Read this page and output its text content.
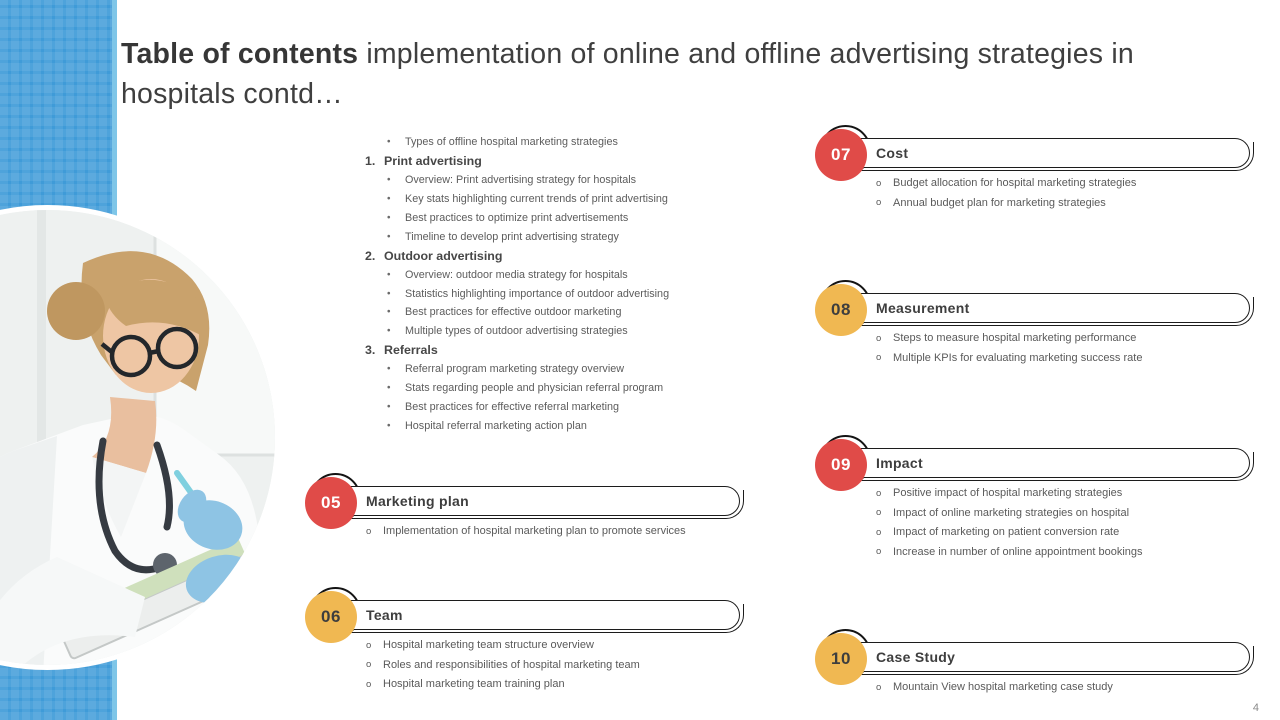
Table of contents implementation of online and offline advertising strategies in hospitals contd…
• Types of offline hospital marketing strategies
1. Print advertising
• Overview: Print advertising strategy for hospitals
• Key stats highlighting current trends of print advertising
• Best practices to optimize print advertisements
• Timeline to develop print advertising strategy
2. Outdoor advertising
• Overview: outdoor media strategy for hospitals
• Statistics highlighting importance of outdoor advertising
• Best practices for effective outdoor marketing
• Multiple types of outdoor advertising strategies
3. Referrals
• Referral program marketing strategy overview
• Stats regarding people and physician referral program
• Best practices for effective referral marketing
• Hospital referral marketing action plan
Marketing plan
05
o Implementation of hospital marketing plan to promote services
Team
06
o Hospital marketing team structure overview
o Roles and responsibilities of hospital marketing team
o Hospital marketing team training plan
Cost
07
o Budget allocation for hospital marketing strategies
o Annual budget plan for marketing strategies
Measurement
08
o Steps to measure hospital marketing performance
o Multiple KPIs for evaluating marketing success rate
Impact
09
o Positive impact of hospital marketing strategies
o Impact of online marketing strategies on hospital
o Impact of marketing on patient conversion rate
o Increase in number of online appointment bookings
Case Study
10
o Mountain View hospital marketing case study
4
